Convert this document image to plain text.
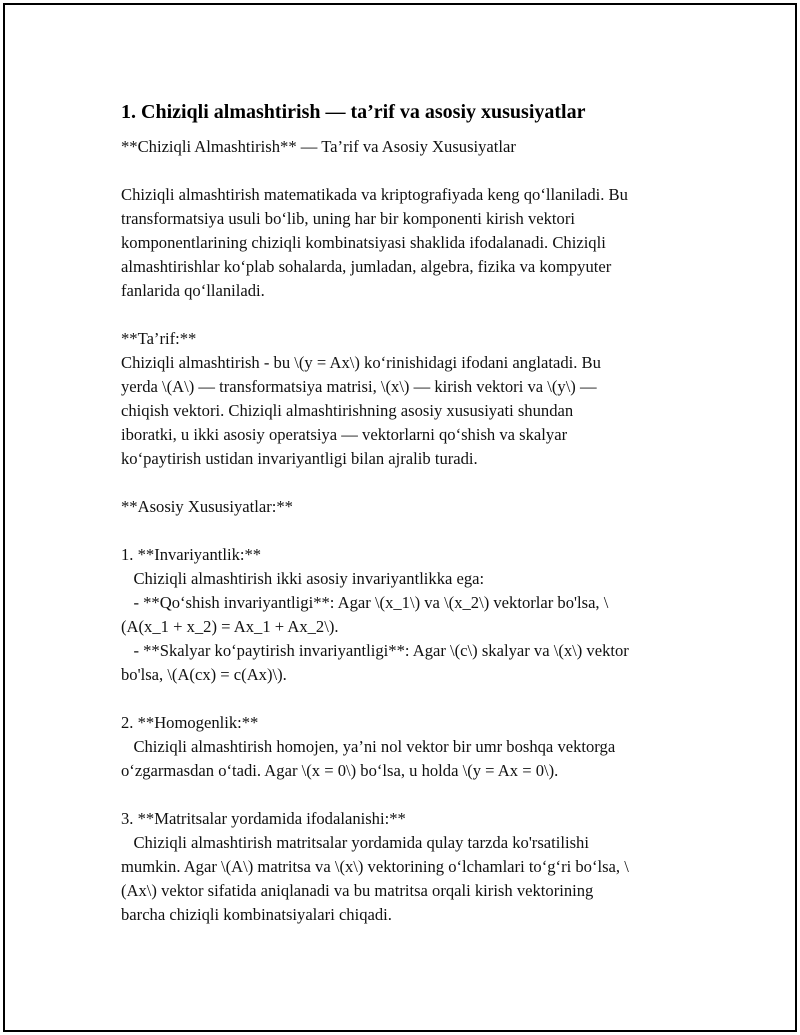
1. Chiziqli almashtirish — ta’rif va asosiy xususiyatlar
**Chiziqli Almashtirish** — Ta’rif va Asosiy Xususiyatlar
Chiziqli almashtirish matematikada va kriptografiyada keng qo‘llaniladi. Bu
transformatsiya usuli bo‘lib, uning har bir komponenti kirish vektori
komponentlarining chiziqli kombinatsiyasi shaklida ifodalanadi. Chiziqli
almashtirishlar ko‘plab sohalarda, jumladan, algebra, fizika va kompyuter
fanlarida qo‘llaniladi.
**Ta’rif:**
Chiziqli almashtirish - bu \(y = Ax\) ko‘rinishidagi ifodani anglatadi. Bu
yerda \(A\) — transformatsiya matrisi, \(x\) — kirish vektori va \(y\) —
chiqish vektori. Chiziqli almashtirishning asosiy xususiyati shundan
iboratki, u ikki asosiy operatsiya — vektorlarni qo‘shish va skalyar
ko‘paytirish ustidan invariyantligi bilan ajralib turadi.
**Asosiy Xususiyatlar:**
1. **Invariyantlik:**
Chiziqli almashtirish ikki asosiy invariyantlikka ega:
- **Qo‘shish invariyantligi**: Agar \(x_1\) va \(x_2\) vektorlar bo'lsa, \
(A(x_1 + x_2) = Ax_1 + Ax_2\).
- **Skalyar ko‘paytirish invariyantligi**: Agar \(c\) skalyar va \(x\) vektor
bo'lsa, \(A(cx) = c(Ax)\).
2. **Homogenlik:**
Chiziqli almashtirish homojen, ya’ni nol vektor bir umr boshqa vektorga
o‘zgarmasdan o‘tadi. Agar \(x = 0\) bo‘lsa, u holda \(y = Ax = 0\).
3. **Matritsalar yordamida ifodalanishi:**
Chiziqli almashtirish matritsalar yordamida qulay tarzda ko'rsatilishi
mumkin. Agar \(A\) matritsa va \(x\) vektorining o‘lchamlari to‘g‘ri bo‘lsa, \
(Ax\) vektor sifatida aniqlanadi va bu matritsa orqali kirish vektorining
barcha chiziqli kombinatsiyalari chiqadi.
